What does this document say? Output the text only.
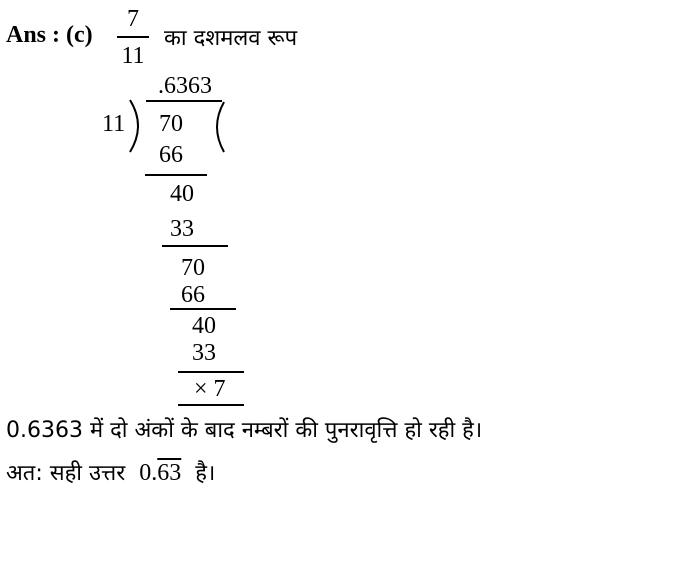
Ans : (c)
7
11
का दशमलव रूप
.6363
11 70
66
40
33
70
66
40
33
× 7
0.6363 में दो अंकों के बाद नम्बरों की पुनरावृत्ति हो रही है।
अत: सही उत्तर 0.63 है।
